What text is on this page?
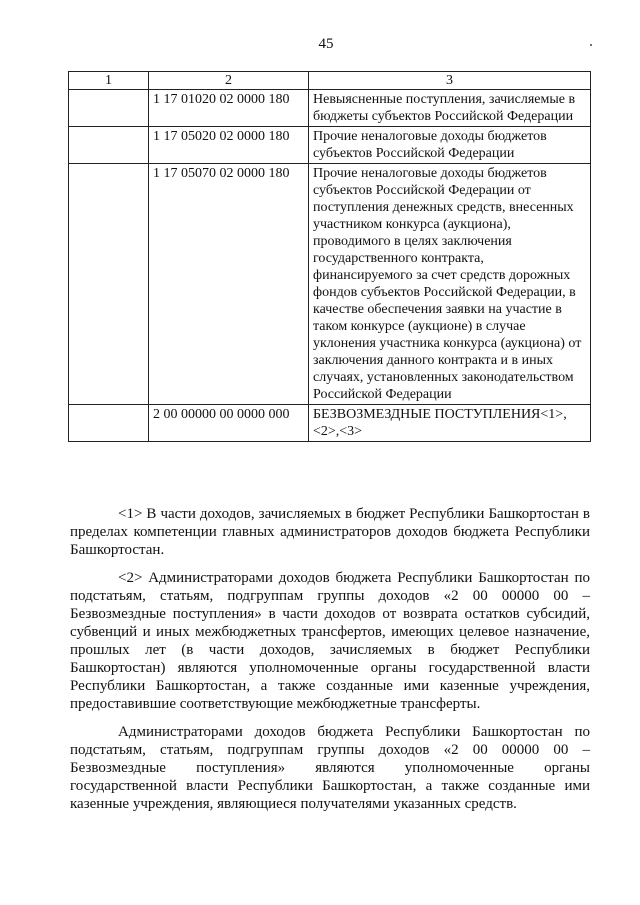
45
1	2	3
	1 17 01020 02 0000 180	Невыясненные поступления, зачисляемые в бюджеты субъектов Российской Федерации
	1 17 05020 02 0000 180	Прочие неналоговые доходы бюджетов субъектов Российской Федерации
	1 17 05070 02 0000 180	Прочие неналоговые доходы бюджетов субъектов Российской Федерации от поступления денежных средств, внесенных участником конкурса (аукциона), проводимого в целях заключения государственного контракта, финансируемого за счет средств дорожных фондов субъектов Российской Федерации, в качестве обеспечения заявки на участие в таком конкурсе (аукционе) в случае уклонения участника конкурса (аукциона) от заключения данного контракта и в иных случаях, установленных законодательством Российской Федерации
	2 00 00000 00 0000 000	БЕЗВОЗМЕЗДНЫЕ ПОСТУПЛЕНИЯ<1>,<2>,<3>

<1> В части доходов, зачисляемых в бюджет Республики Башкортостан в пределах компетенции главных администраторов доходов бюджета Республики Башкортостан.

<2> Администраторами доходов бюджета Республики Башкортостан по подстатьям, статьям, подгруппам группы доходов «2 00 00000 00 – Безвозмездные поступления» в части доходов от возврата остатков субсидий, субвенций и иных межбюджетных трансфертов, имеющих целевое назначение, прошлых лет (в части доходов, зачисляемых в бюджет Республики Башкортостан) являются уполномоченные органы государственной власти Республики Башкортостан, а также созданные ими казенные учреждения, предоставившие соответствующие межбюджетные трансферты.

Администраторами доходов бюджета Республики Башкортостан по подстатьям, статьям, подгруппам группы доходов «2 00 00000 00 – Безвозмездные поступления» являются уполномоченные органы государственной власти Республики Башкортостан, а также созданные ими казенные учреждения, являющиеся получателями указанных средств.
